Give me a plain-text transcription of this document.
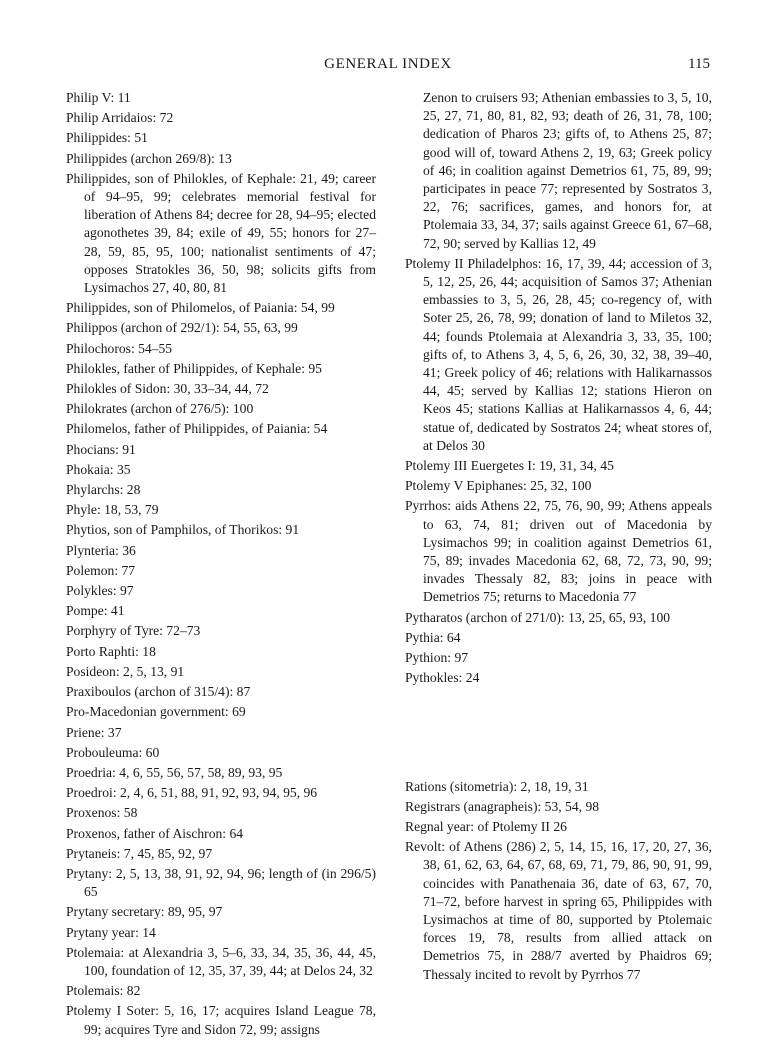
GENERAL INDEX	115

Philip V: 11

Philip Arridaios: 72

Philippides: 51

Philippides (archon 269/8): 13

Philippides, son of Philokles, of Kephale: 21, 49; career of 94–95, 99; celebrates memorial festival for liberation of Athens 84; decree for 28, 94–95; elected agonothetes 39, 84; exile of 49, 55; honors for 27–28, 59, 85, 95, 100; nationalist sentiments of 47; opposes Stratokles 36, 50, 98; solicits gifts from Lysimachos 27, 40, 80, 81

Philippides, son of Philomelos, of Paiania: 54, 99

Philippos (archon of 292/1): 54, 55, 63, 99

Philochoros: 54–55

Philokles, father of Philippides, of Kephale: 95

Philokles of Sidon: 30, 33–34, 44, 72

Philokrates (archon of 276/5): 100

Philomelos, father of Philippides, of Paiania: 54

Phocians: 91

Phokaia: 35

Phylarchs: 28

Phyle: 18, 53, 79

Phytios, son of Pamphilos, of Thorikos: 91

Plynteria: 36

Polemon: 77

Polykles: 97

Pompe: 41

Porphyry of Tyre: 72–73

Porto Raphti: 18

Posideon: 2, 5, 13, 91

Praxiboulos (archon of 315/4): 87

Pro-Macedonian government: 69

Priene: 37

Probouleuma: 60

Proedria: 4, 6, 55, 56, 57, 58, 89, 93, 95

Proedroi: 2, 4, 6, 51, 88, 91, 92, 93, 94, 95, 96

Proxenos: 58

Proxenos, father of Aischron: 64

Prytaneis: 7, 45, 85, 92, 97

Prytany: 2, 5, 13, 38, 91, 92, 94, 96; length of (in 296/5) 65

Prytany secretary: 89, 95, 97

Prytany year: 14

Ptolemaia: at Alexandria 3, 5–6, 33, 34, 35, 36, 44, 45, 100, foundation of 12, 35, 37, 39, 44; at Delos 24, 32

Ptolemais: 82

Ptolemy I Soter: 5, 16, 17; acquires Island League 78, 99; acquires Tyre and Sidon 72, 99; assigns

Zenon to cruisers 93; Athenian embassies to 3, 5, 10, 25, 27, 71, 80, 81, 82, 93; death of 26, 31, 78, 100; dedication of Pharos 23; gifts of, to Athens 25, 87; good will of, toward Athens 2, 19, 63; Greek policy of 46; in coalition against Demetrios 61, 75, 89, 99; participates in peace 77; represented by Sostratos 3, 22, 76; sacrifices, games, and honors for, at Ptolemaia 33, 34, 37; sails against Greece 61, 67–68, 72, 90; served by Kallias 12, 49

Ptolemy II Philadelphos: 16, 17, 39, 44; accession of 3, 5, 12, 25, 26, 44; acquisition of Samos 37; Athenian embassies to 3, 5, 26, 28, 45; co-regency of, with Soter 25, 26, 78, 99; donation of land to Miletos 32, 44; founds Ptolemaia at Alexandria 3, 33, 35, 100; gifts of, to Athens 3, 4, 5, 6, 26, 30, 32, 38, 39–40, 41; Greek policy of 46; relations with Halikarnassos 44, 45; served by Kallias 12; stations Hieron on Keos 45; stations Kallias at Halikarnassos 4, 6, 44; statue of, dedicated by Sostratos 24; wheat stores of, at Delos 30

Ptolemy III Euergetes I: 19, 31, 34, 45

Ptolemy V Epiphanes: 25, 32, 100

Pyrrhos: aids Athens 22, 75, 76, 90, 99; Athens appeals to 63, 74, 81; driven out of Macedonia by Lysimachos 99; in coalition against Demetrios 61, 75, 89; invades Macedonia 62, 68, 72, 73, 90, 99; invades Thessaly 82, 83; joins in peace with Demetrios 75; returns to Macedonia 77

Pytharatos (archon of 271/0): 13, 25, 65, 93, 100

Pythia: 64

Pythion: 97

Pythokles: 24

Rations (sitometria): 2, 18, 19, 31

Registrars (anagrapheis): 53, 54, 98

Regnal year: of Ptolemy II 26

Revolt: of Athens (286) 2, 5, 14, 15, 16, 17, 20, 27, 36, 38, 61, 62, 63, 64, 67, 68, 69, 71, 79, 86, 90, 91, 99, coincides with Panathenaia 36, date of 63, 67, 70, 71–72, before harvest in spring 65, Philippides with Lysimachos at time of 80, supported by Ptolemaic forces 19, 78, results from allied attack on Demetrios 75, in 288/7 averted by Phaidros 69; Thessaly incited to revolt by Pyrrhos 77
